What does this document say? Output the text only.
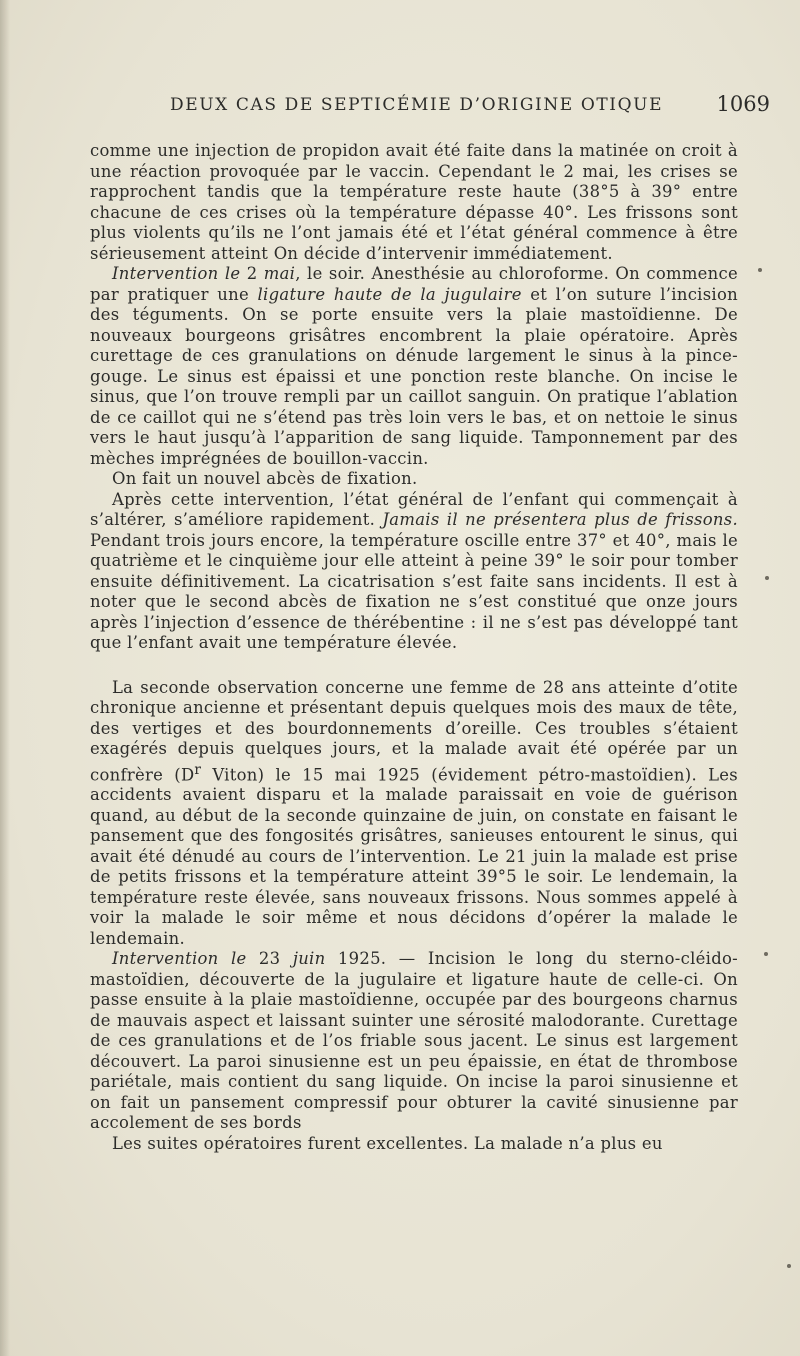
DEUX CAS DE SEPTICÉMIE D’ORIGINE OTIQUE	1069

comme une injection de propidon avait été faite dans la matinée on croit à une réaction provoquée par le vaccin. Cependant le 2 mai, les crises se rapprochent tandis que la température reste haute (38°5 à 39° entre chacune de ces crises où la température dépasse 40°. Les frissons sont plus violents qu’ils ne l’ont jamais été et l’état général commence à être sérieusement atteint On décide d’intervenir immédiatement.

Intervention le 2 mai, le soir. Anesthésie au chloroforme. On commence par pratiquer une ligature haute de la jugulaire et l’on suture l’incision des téguments. On se porte ensuite vers la plaie mastoïdienne. De nouveaux bourgeons grisâtres encombrent la plaie opératoire. Après curettage de ces granulations on dénude largement le sinus à la pince-gouge. Le sinus est épaissi et une ponction reste blanche. On incise le sinus, que l’on trouve rempli par un caillot sanguin. On pratique l’ablation de ce caillot qui ne s’étend pas très loin vers le bas, et on nettoie le sinus vers le haut jusqu’à l’apparition de sang liquide. Tamponnement par des mèches imprégnées de bouillon-vaccin.

On fait un nouvel abcès de fixation.

Après cette intervention, l’état général de l’enfant qui commençait à s’altérer, s’améliore rapidement. Jamais il ne présentera plus de frissons. Pendant trois jours encore, la température oscille entre 37° et 40°, mais le quatrième et le cinquième jour elle atteint à peine 39° le soir pour tomber ensuite définitivement. La cicatrisation s’est faite sans incidents. Il est à noter que le second abcès de fixation ne s’est constitué que onze jours après l’injection d’essence de thérébentine : il ne s’est pas développé tant que l’enfant avait une température élevée.

La seconde observation concerne une femme de 28 ans atteinte d’otite chronique ancienne et présentant depuis quelques mois des maux de tête, des vertiges et des bourdonnements d’oreille. Ces troubles s’étaient exagérés depuis quelques jours, et la malade avait été opérée par un confrère ($D^r$ Viton) le 15 mai 1925 (évidement pétro-mastoïdien). Les accidents avaient disparu et la malade paraissait en voie de guérison quand, au début de la seconde quinzaine de juin, on constate en faisant le pansement que des fongosités grisâtres, sanieuses entourent le sinus, qui avait été dénudé au cours de l’intervention. Le 21 juin la malade est prise de petits frissons et la température atteint 39°5 le soir. Le lendemain, la température reste élevée, sans nouveaux frissons. Nous sommes appelé à voir la malade le soir même et nous décidons d’opérer la malade le lendemain.

Intervention le 23 juin 1925. — Incision le long du sterno-cléido-mastoïdien, découverte de la jugulaire et ligature haute de celle-ci. On passe ensuite à la plaie mastoïdienne, occupée par des bourgeons charnus de mauvais aspect et laissant suinter une sérosité malodorante. Curettage de ces granulations et de l’os friable sous jacent. Le sinus est largement découvert. La paroi sinusienne est un peu épaissie, en état de thrombose pariétale, mais contient du sang liquide. On incise la paroi sinusienne et on fait un pansement compressif pour obturer la cavité sinusienne par accolement de ses bords

Les suites opératoires furent excellentes. La malade n’a plus eu
